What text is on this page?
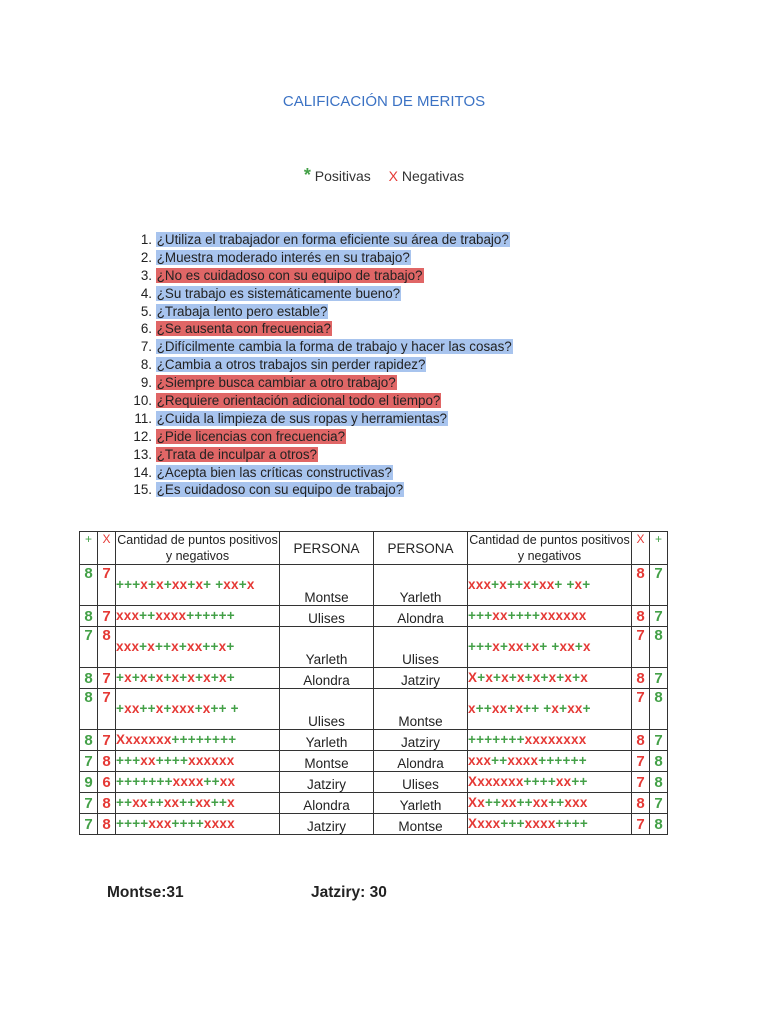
CALIFICACIÓN DE MERITOS
* Positivas X Negativas
1. ¿Utiliza el trabajador en forma eficiente su área de trabajo?
2. ¿Muestra moderado interés en su trabajo?
3. ¿No es cuidadoso con su equipo de trabajo?
4. ¿Su trabajo es sistemáticamente bueno?
5. ¿Trabaja lento pero estable?
6. ¿Se ausenta con frecuencia?
7. ¿Difícilmente cambia la forma de trabajo y hacer las cosas?
8. ¿Cambia a otros trabajos sin perder rapidez?
9. ¿Siempre busca cambiar a otro trabajo?
10. ¿Requiere orientación adicional todo el tiempo?
11. ¿Cuida la limpieza de sus ropas y herramientas?
12. ¿Pide licencias con frecuencia?
13. ¿Trata de inculpar a otros?
14. ¿Acepta bien las críticas constructivas?
15. ¿Es cuidadoso con su equipo de trabajo?
+	X	Cantidad de puntos positivos y negativos	PERSONA	PERSONA	Cantidad de puntos positivos y negativos	X	+
8	7	+++x+x+xx+x+ +xx+x	Montse	Yarleth	xxx+x++x+xx+ +x+	8	7
8	7	xxx++xxxx++++++	Ulises	Alondra	+++xx++++xxxxxx	8	7
7	8	xxx+x++x+xx++x+	Yarleth	Ulises	+++x+xx+x+ +xx+x	7	8
8	7	+x+x+x+x+x+x+x+	Alondra	Jatziry	X+x+x+x+x+x+x+x	8	7
8	7	+xx++x+xxx+x++ +	Ulises	Montse	x++xx+x++ +x+xx+	7	8
8	7	Xxxxxxx++++++++	Yarleth	Jatziry	+++++++xxxxxxxx	8	7
7	8	+++xx++++xxxxxx	Montse	Alondra	xxx++xxxx++++++	7	8
9	6	+++++++xxxx++xx	Jatziry	Ulises	Xxxxxxx++++xx++	7	8
7	8	++xx++xx++xx++x	Alondra	Yarleth	Xx++xx++xx++xxx	8	7
7	8	++++xxx++++xxxx	Jatziry	Montse	Xxxx+++xxxx++++	7	8
Montse:31	Jatziry: 30
